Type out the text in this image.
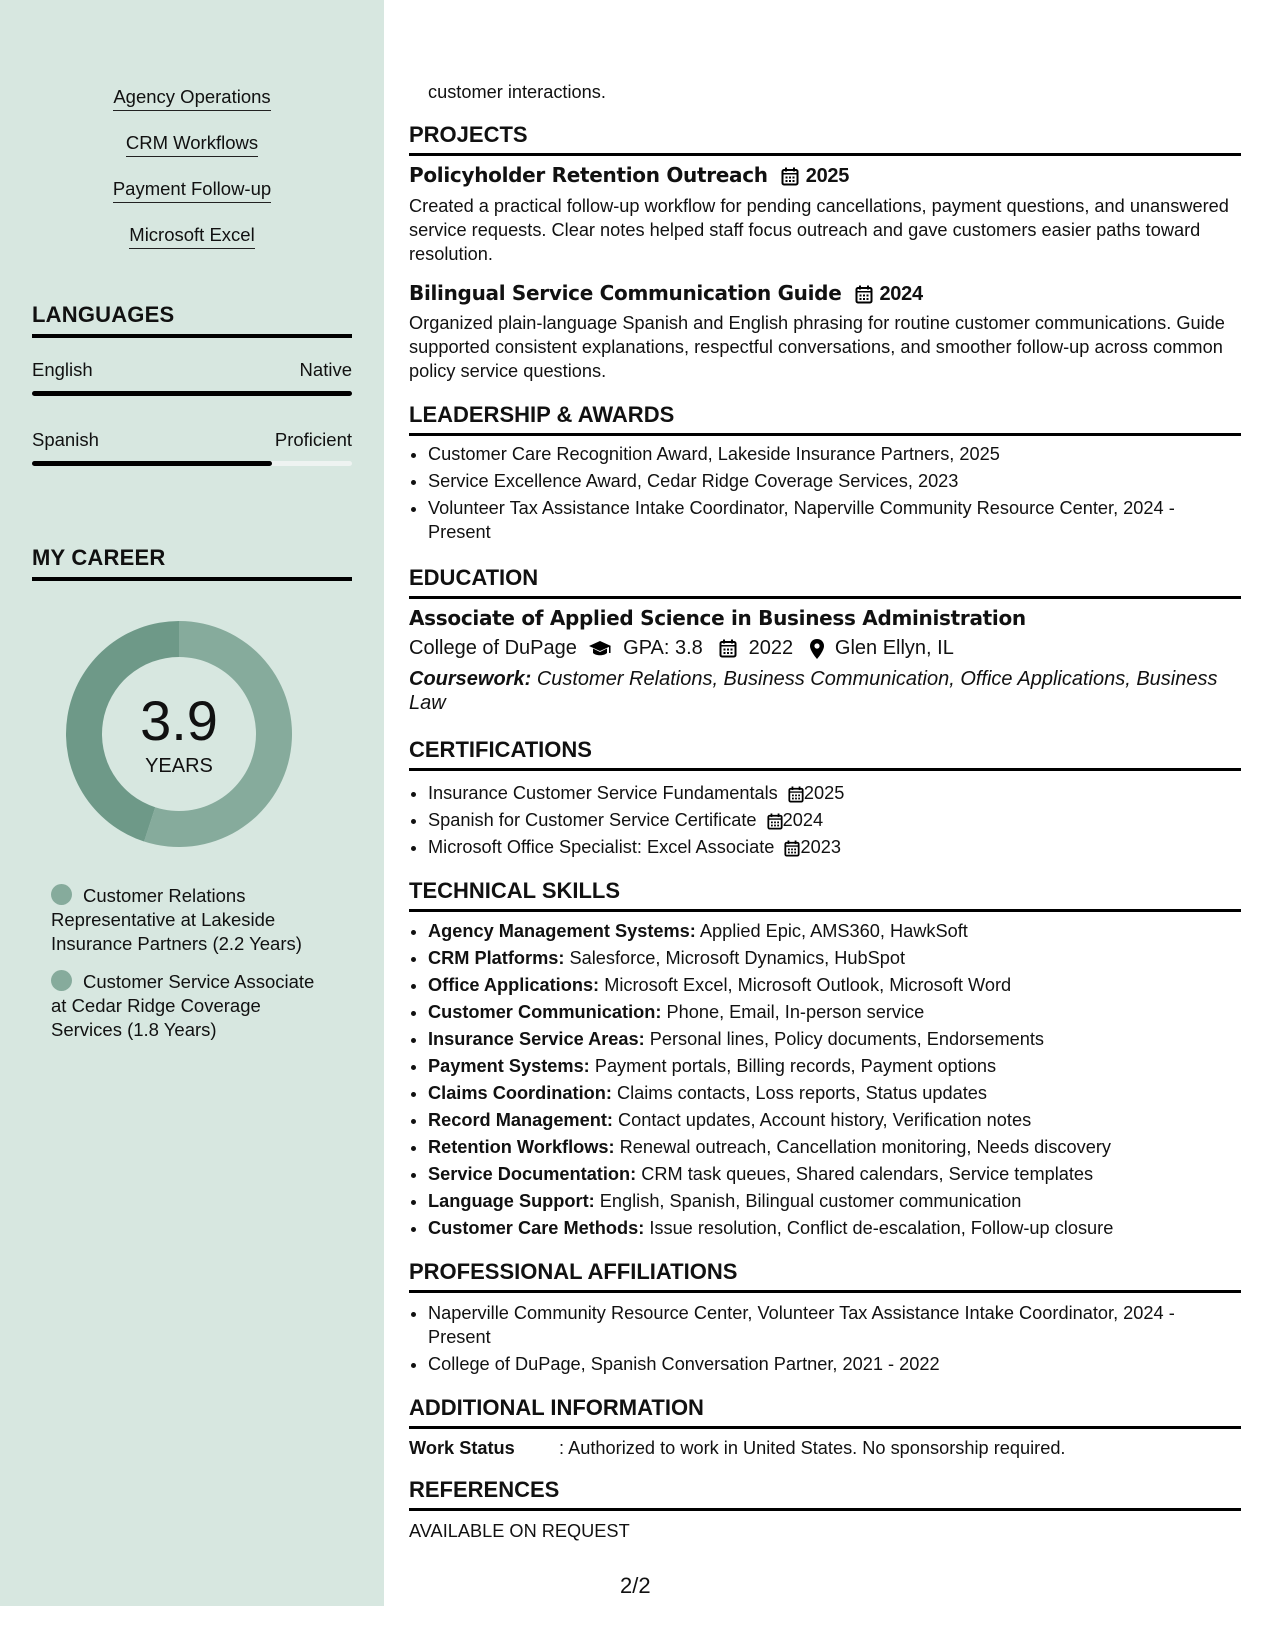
Agency Operations
CRM Workflows
Payment Follow-up
Microsoft Excel
LANGUAGES
English	Native
Spanish	Proficient
MY CAREER
3.9
YEARS
Customer Relations Representative at Lakeside Insurance Partners (2.2 Years)
Customer Service Associate at Cedar Ridge Coverage Services (1.8 Years)
customer interactions.
PROJECTS
Policyholder Retention Outreach 2025
Created a practical follow-up workflow for pending cancellations, payment questions, and unanswered service requests. Clear notes helped staff focus outreach and gave customers easier paths toward resolution.
Bilingual Service Communication Guide 2024
Organized plain-language Spanish and English phrasing for routine customer communications. Guide supported consistent explanations, respectful conversations, and smoother follow-up across common policy service questions.
LEADERSHIP & AWARDS
• Customer Care Recognition Award, Lakeside Insurance Partners, 2025
• Service Excellence Award, Cedar Ridge Coverage Services, 2023
• Volunteer Tax Assistance Intake Coordinator, Naperville Community Resource Center, 2024 - Present
EDUCATION
Associate of Applied Science in Business Administration
College of DuPage GPA: 3.8 2022 Glen Ellyn, IL
Coursework: Customer Relations, Business Communication, Office Applications, Business Law
CERTIFICATIONS
• Insurance Customer Service Fundamentals 2025
• Spanish for Customer Service Certificate 2024
• Microsoft Office Specialist: Excel Associate 2023
TECHNICAL SKILLS
• Agency Management Systems: Applied Epic, AMS360, HawkSoft
• CRM Platforms: Salesforce, Microsoft Dynamics, HubSpot
• Office Applications: Microsoft Excel, Microsoft Outlook, Microsoft Word
• Customer Communication: Phone, Email, In-person service
• Insurance Service Areas: Personal lines, Policy documents, Endorsements
• Payment Systems: Payment portals, Billing records, Payment options
• Claims Coordination: Claims contacts, Loss reports, Status updates
• Record Management: Contact updates, Account history, Verification notes
• Retention Workflows: Renewal outreach, Cancellation monitoring, Needs discovery
• Service Documentation: CRM task queues, Shared calendars, Service templates
• Language Support: English, Spanish, Bilingual customer communication
• Customer Care Methods: Issue resolution, Conflict de-escalation, Follow-up closure
PROFESSIONAL AFFILIATIONS
• Naperville Community Resource Center, Volunteer Tax Assistance Intake Coordinator, 2024 - Present
• College of DuPage, Spanish Conversation Partner, 2021 - 2022
ADDITIONAL INFORMATION
Work Status : Authorized to work in United States. No sponsorship required.
REFERENCES
AVAILABLE ON REQUEST
2/2
